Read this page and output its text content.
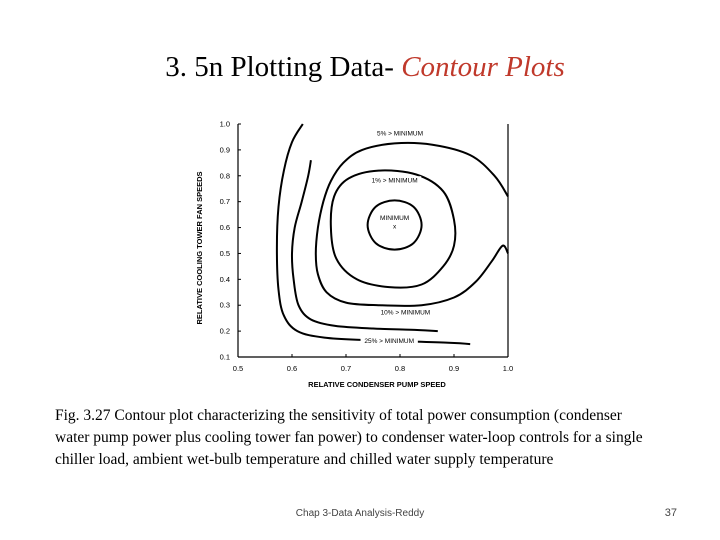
3. 5n Plotting Data- Contour Plots
0.5	0.6	0.7	0.8	0.9	1.0
0.1
0.2
0.3
0.4
0.5
0.6
0.7
0.8
0.9
1.0
5% > MINIMUM
25% > MINIMUM
10% > MINIMUM
1% > MINIMUM
MINIMUM
x
RELATIVE CONDENSER PUMP SPEED
RELATIVE COOLING TOWER FAN SPEEDS
Fig. 3.27 Contour plot characterizing the sensitivity of total power consumption (condenser water pump power plus cooling tower fan power) to condenser water-loop controls for a single chiller load, ambient wet-bulb temperature and chilled water supply temperature
Chap 3-Data Analysis-Reddy	37
